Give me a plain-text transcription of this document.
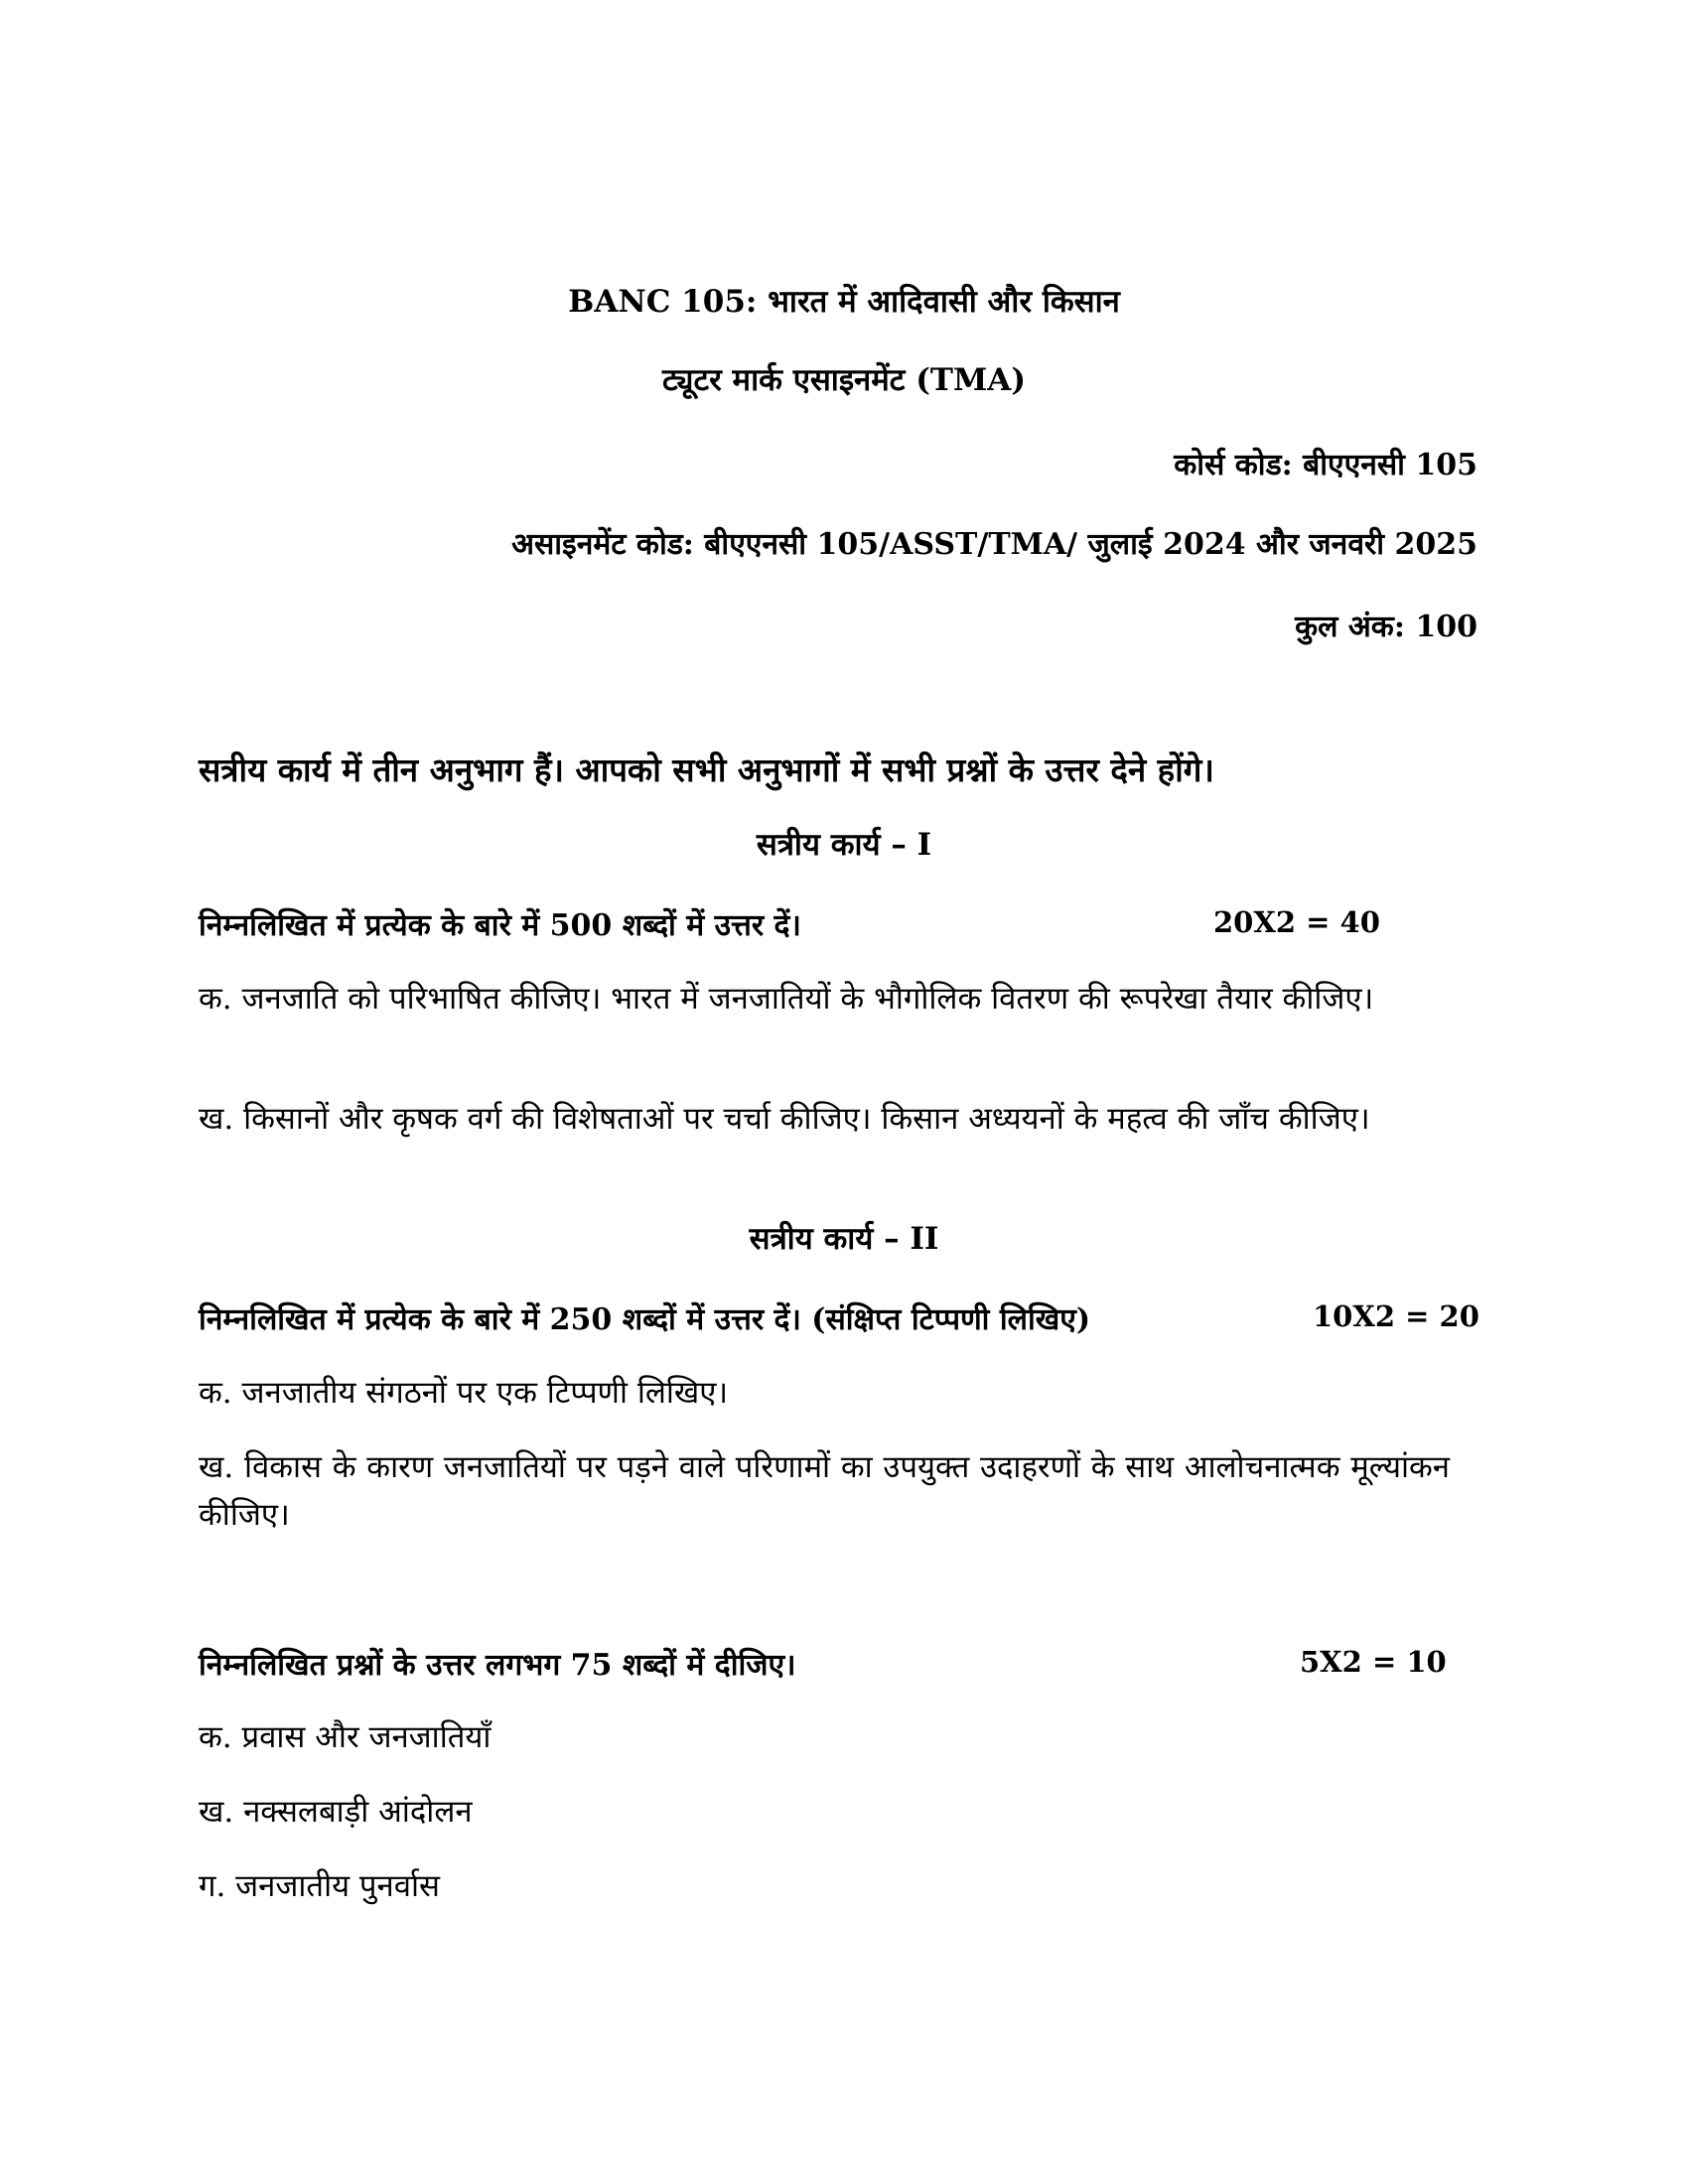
BANC 105: भारत में आदिवासी और किसान
ट्यूटर मार्क एसाइनमेंट (TMA)
कोर्स कोड: बीएएनसी 105
असाइनमेंट कोड: बीएएनसी 105/ASST/TMA/ जुलाई 2024 और जनवरी 2025
कुल अंक: 100
सत्रीय कार्य में तीन अनुभाग हैं। आपको सभी अनुभागों में सभी प्रश्नों के उत्तर देने होंगे।
सत्रीय कार्य – I
निम्नलिखित में प्रत्येक के बारे में 500 शब्दों में उत्तर दें।	20X2 = 40
क. जनजाति को परिभाषित कीजिए। भारत में जनजातियों के भौगोलिक वितरण की रूपरेखा तैयार कीजिए।
ख. किसानों और कृषक वर्ग की विशेषताओं पर चर्चा कीजिए। किसान अध्ययनों के महत्व की जाँच कीजिए।
सत्रीय कार्य – II
निम्नलिखित में प्रत्येक के बारे में 250 शब्दों में उत्तर दें। (संक्षिप्त टिप्पणी लिखिए)	10X2 = 20
क. जनजातीय संगठनों पर एक टिप्पणी लिखिए।
ख. विकास के कारण जनजातियों पर पड़ने वाले परिणामों का उपयुक्त उदाहरणों के साथ आलोचनात्मक मूल्यांकन कीजिए।
निम्नलिखित प्रश्नों के उत्तर लगभग 75 शब्दों में दीजिए।	5X2 = 10
क. प्रवास और जनजातियाँ
ख. नक्सलबाड़ी आंदोलन
ग. जनजातीय पुनर्वास
